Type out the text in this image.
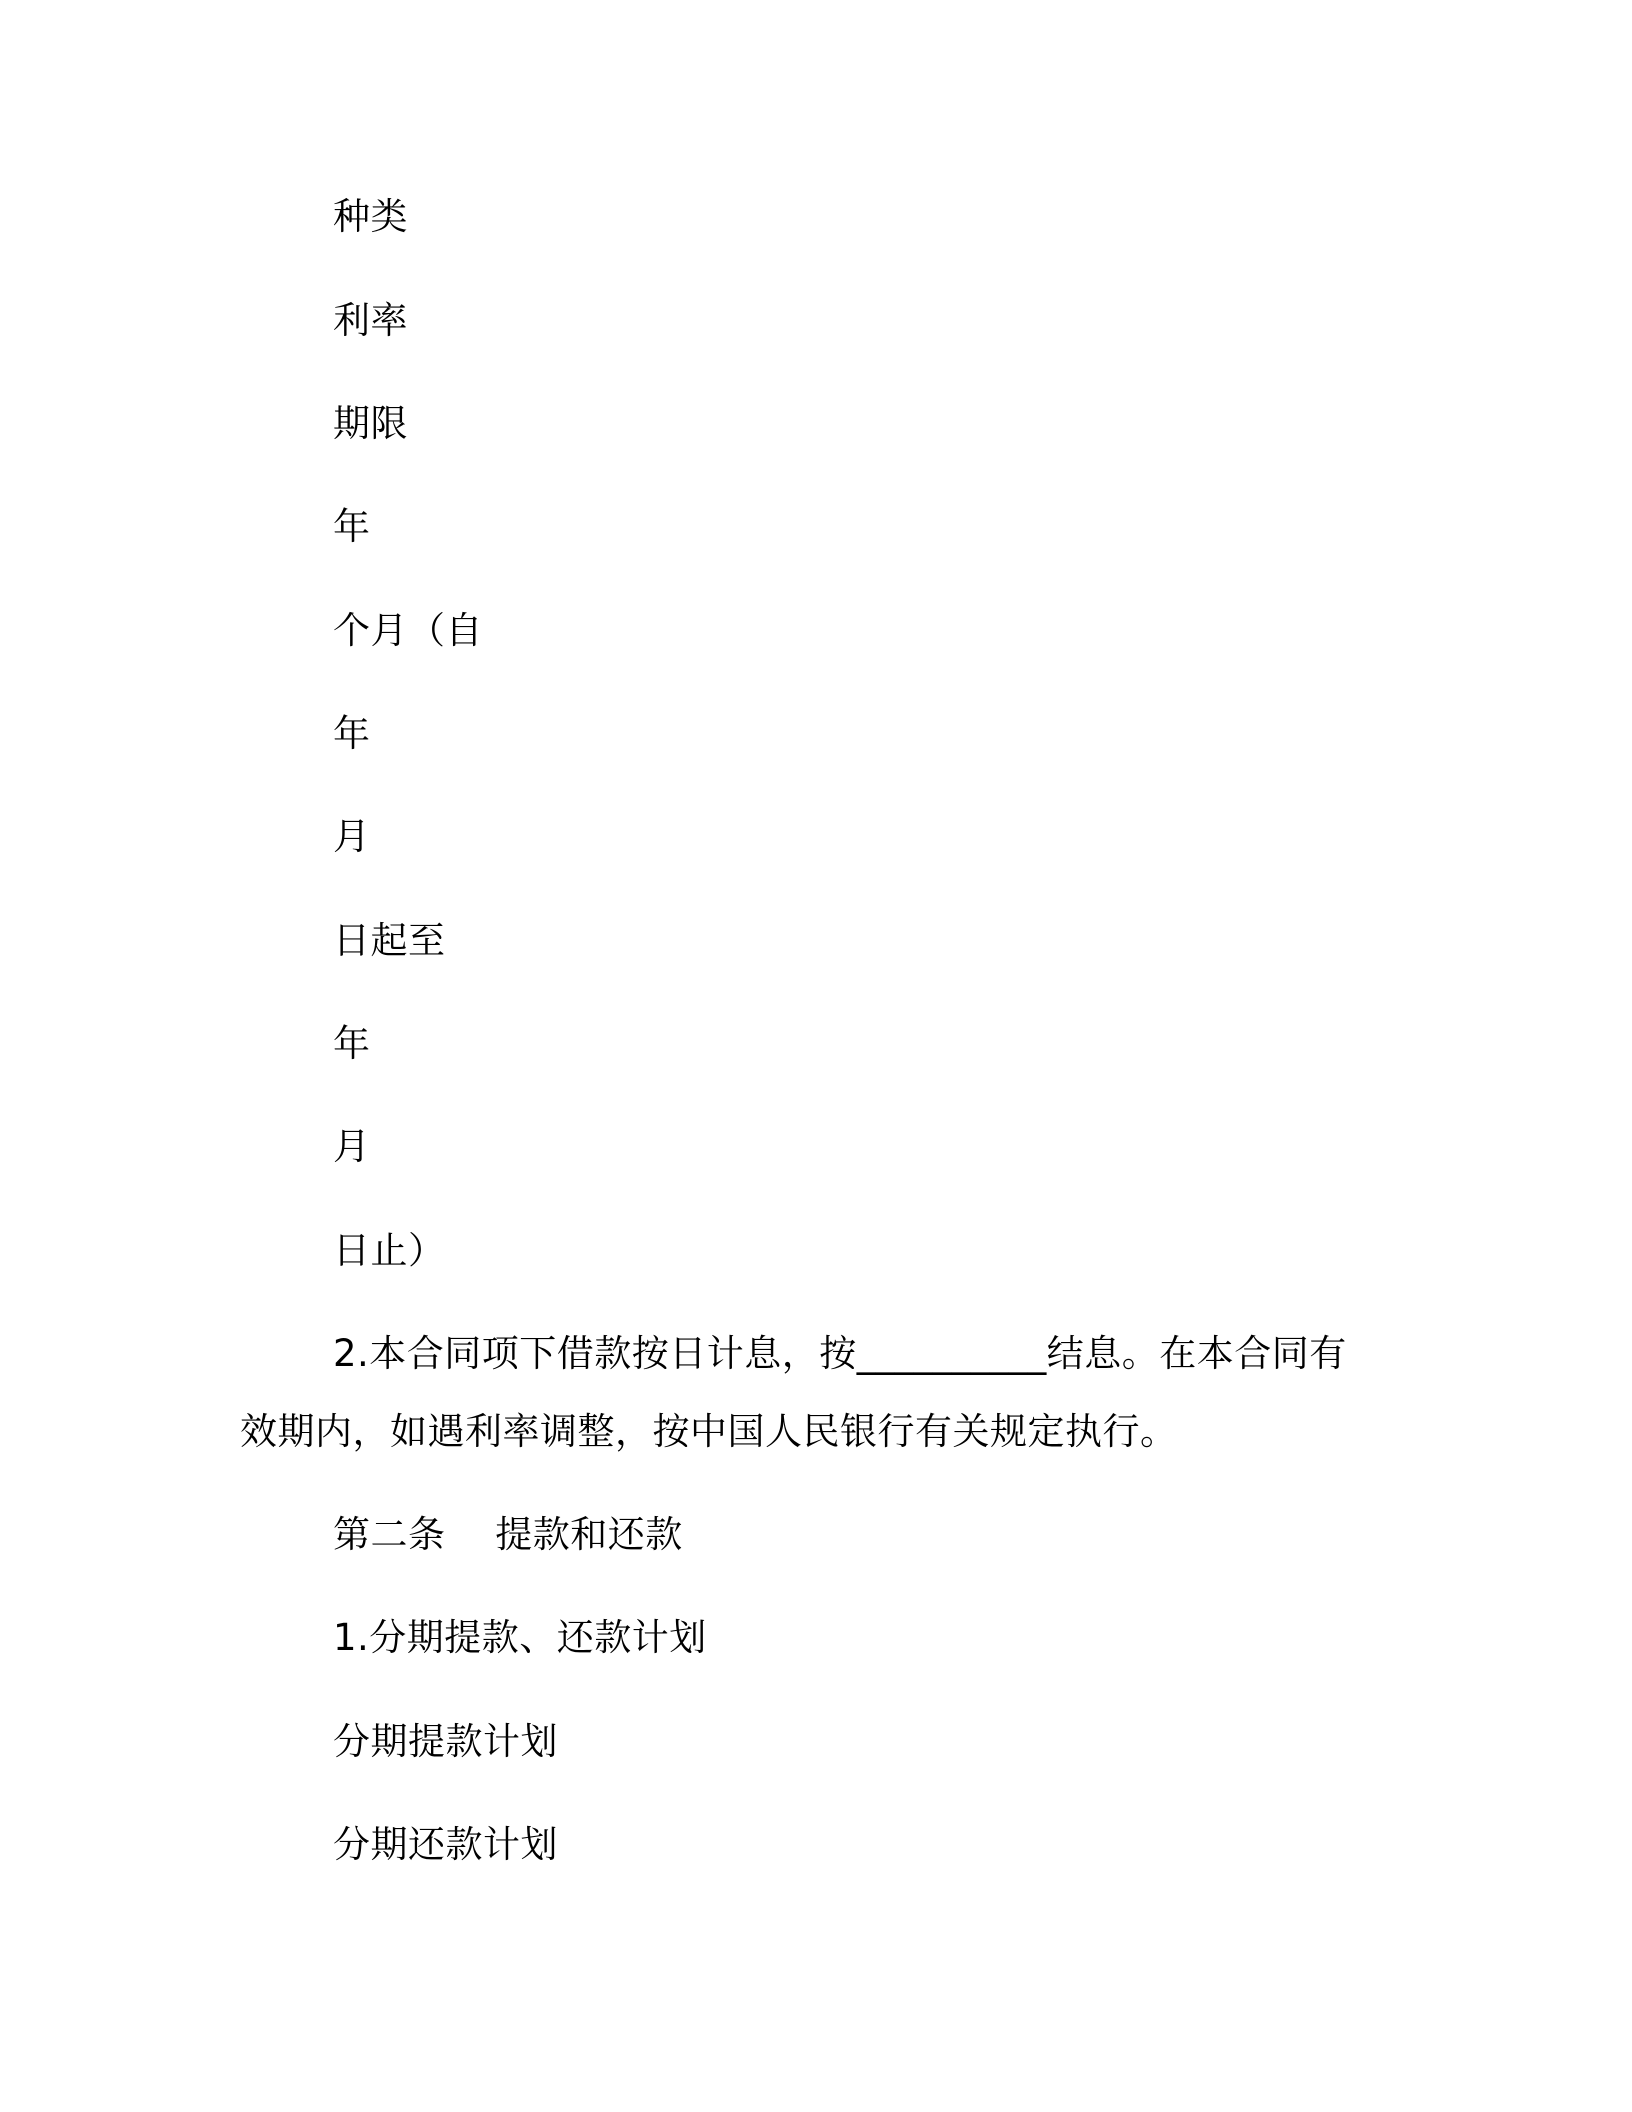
种类
利率
期限
年
个月（自
年
月
日起至
年
月
日止）
2.本合同项下借款按日计息，按__________结息。在本合同有
效期内，如遇利率调整，按中国人民银行有关规定执行。
第二条　 提款和还款
1.分期提款、还款计划
分期提款计划
分期还款计划
